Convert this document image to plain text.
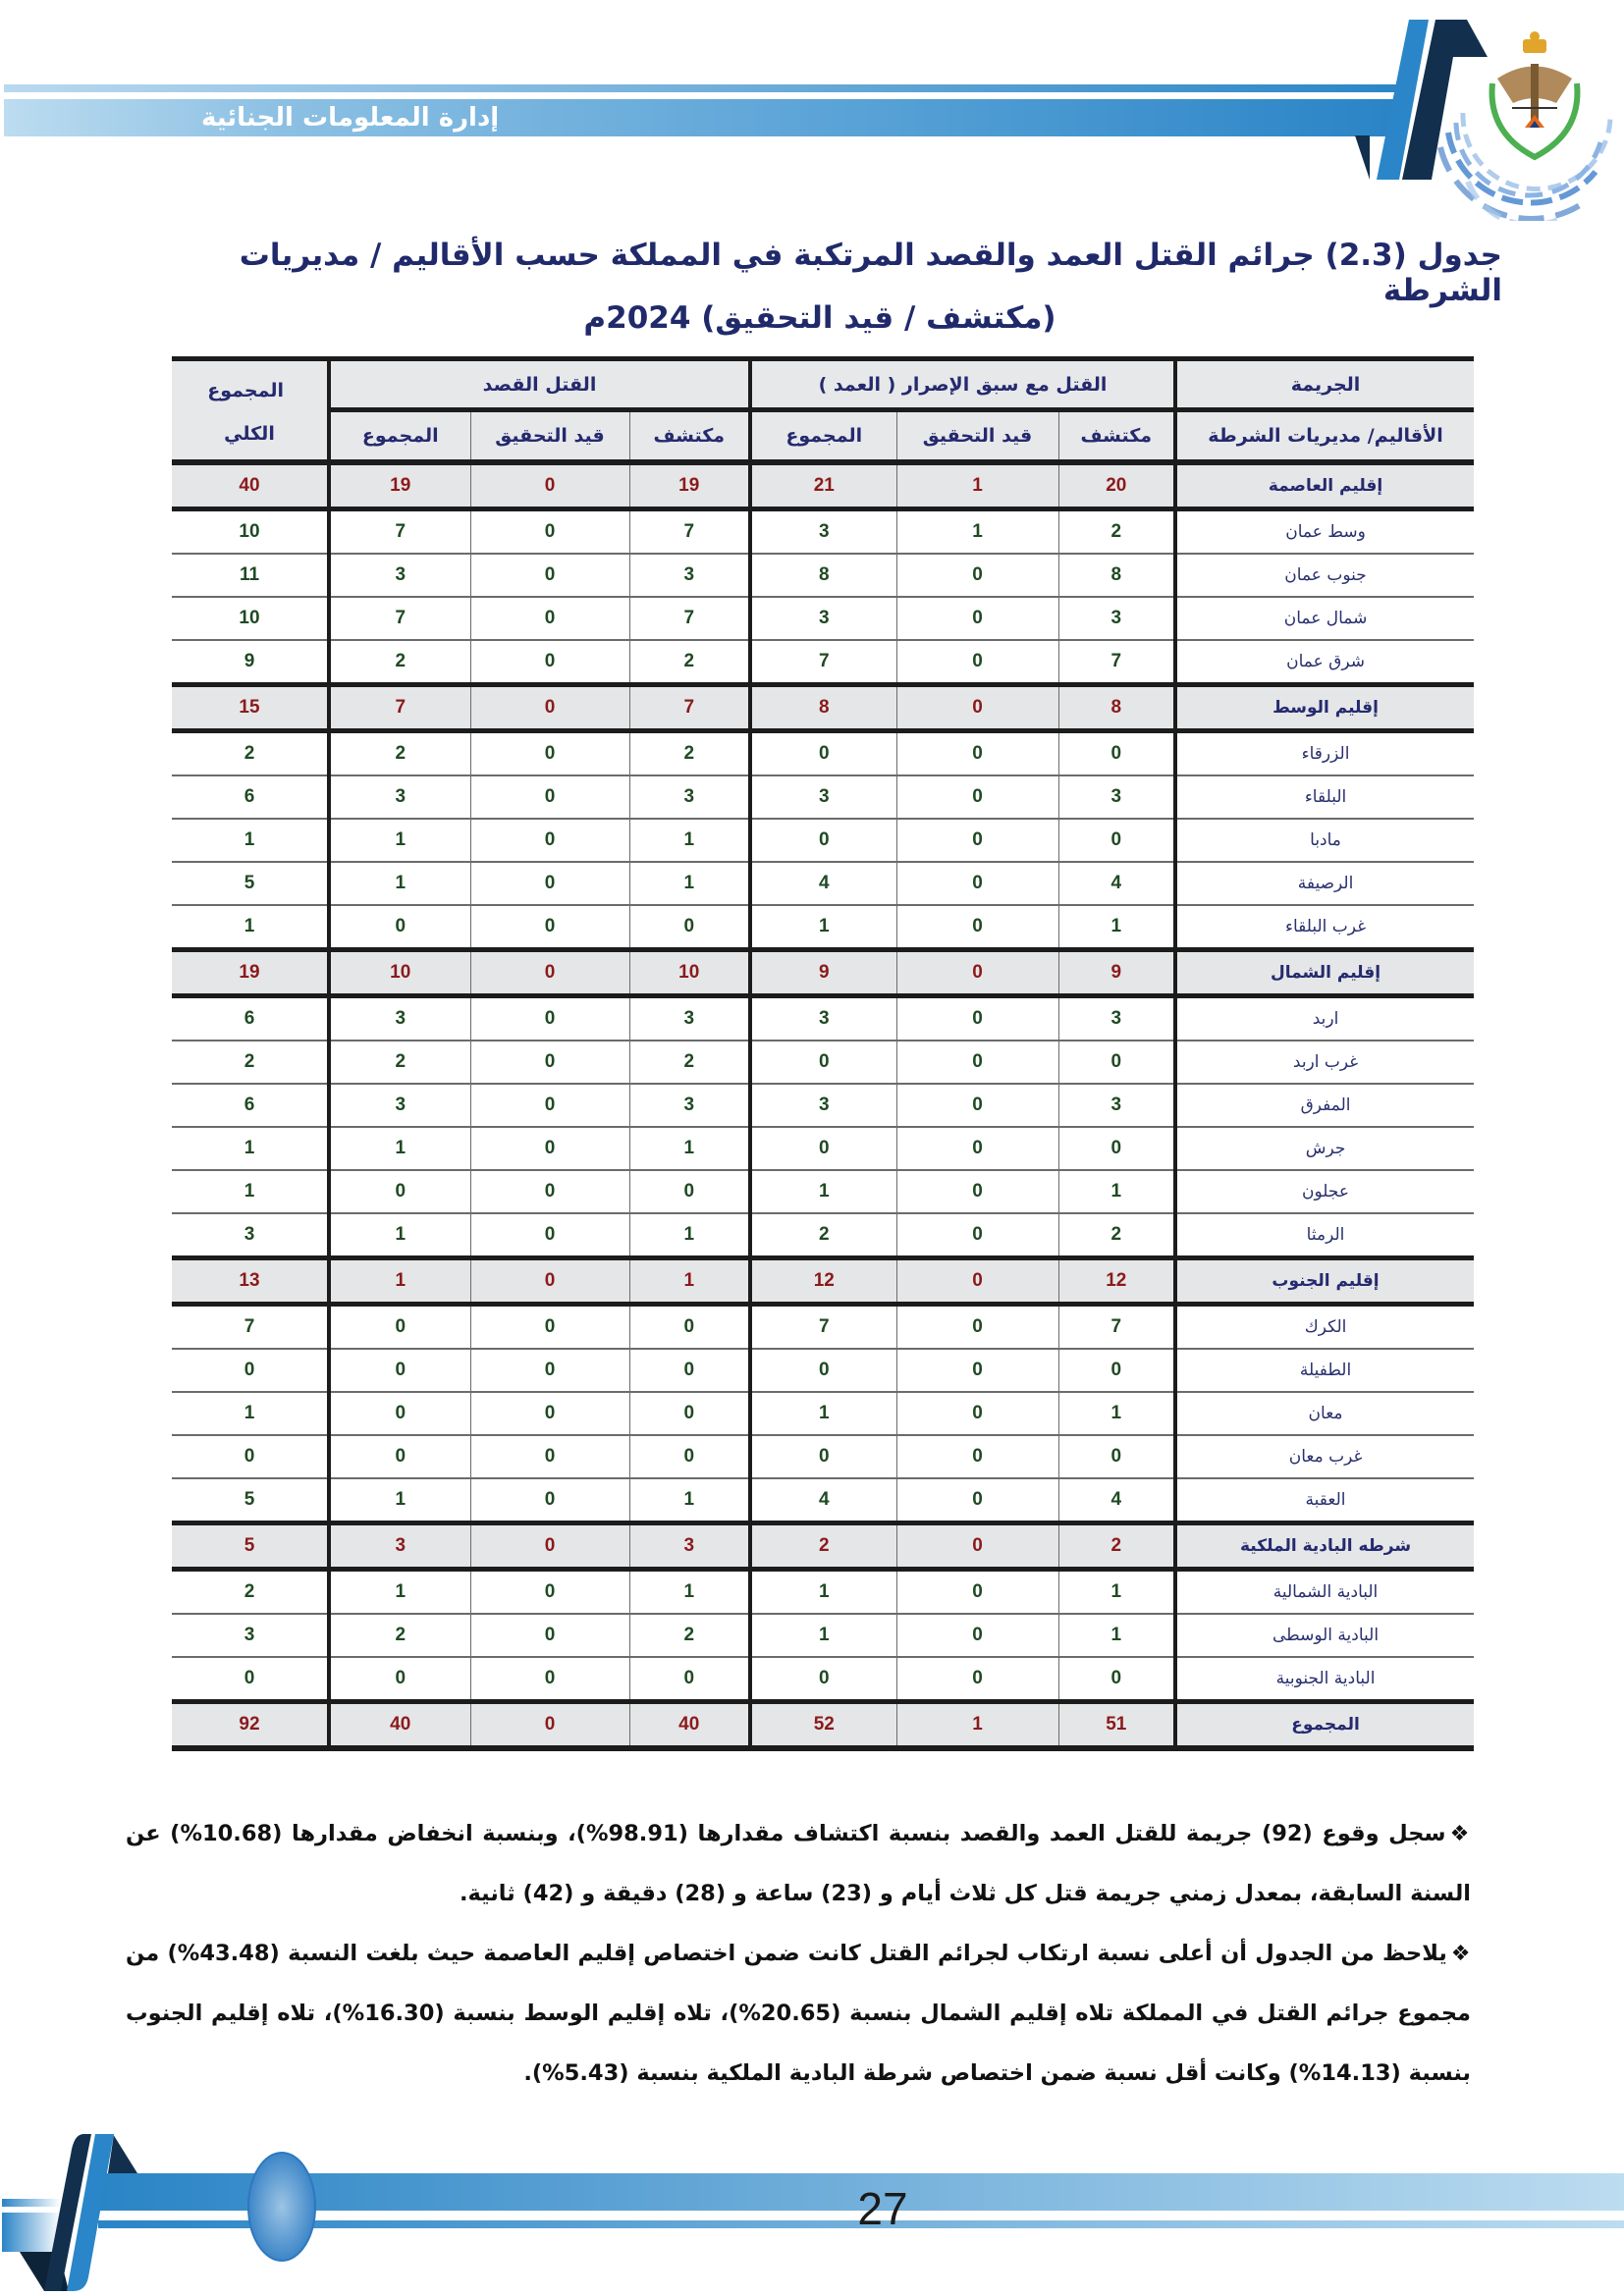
إدارة المعلومات الجنائية
جدول (2.3) جرائم القتل العمد والقصد المرتكبة في المملكة حسب الأقاليم / مديريات الشرطة
(مكتشف / قيد التحقيق) 2024م
الجريمة	القتل مع سبق الإصرار ( العمد )			القتل القصد			المجموع الكلي
الأقاليم/ مديريات الشرطة	مكتشف	قيد التحقيق	المجموع	مكتشف	قيد التحقيق	المجموع	
إقليم العاصمة	20	1	21	19	0	19	40
وسط عمان	2	1	3	7	0	7	10
جنوب عمان	8	0	8	3	0	3	11
شمال عمان	3	0	3	7	0	7	10
شرق عمان	7	0	7	2	0	2	9
إقليم الوسط	8	0	8	7	0	7	15
الزرقاء	0	0	0	2	0	2	2
البلقاء	3	0	3	3	0	3	6
مادبا	0	0	0	1	0	1	1
الرصيفة	4	0	4	1	0	1	5
غرب البلقاء	1	0	1	0	0	0	1
إقليم الشمال	9	0	9	10	0	10	19
اربد	3	0	3	3	0	3	6
غرب اربد	0	0	0	2	0	2	2
المفرق	3	0	3	3	0	3	6
جرش	0	0	0	1	0	1	1
عجلون	1	0	1	0	0	0	1
الرمثا	2	0	2	1	0	1	3
إقليم الجنوب	12	0	12	1	0	1	13
الكرك	7	0	7	0	0	0	7
الطفيلة	0	0	0	0	0	0	0
معان	1	0	1	0	0	0	1
غرب معان	0	0	0	0	0	0	0
العقبة	4	0	4	1	0	1	5
شرطه البادية الملكية	2	0	2	3	0	3	5
البادية الشمالية	1	0	1	1	0	1	2
البادية الوسطى	1	0	1	2	0	2	3
البادية الجنوبية	0	0	0	0	0	0	0
المجموع	51	1	52	40	0	40	92

❖سجل وقوع (92) جريمة للقتل العمد والقصد بنسبة اكتشاف مقدارها (98.91%)، وبنسبة انخفاض مقدارها (10.68%) عن السنة السابقة، بمعدل زمني جريمة قتل كل ثلاث أيام و (23) ساعة و (28) دقيقة و (42) ثانية.

❖يلاحظ من الجدول أن أعلى نسبة ارتكاب لجرائم القتل كانت ضمن اختصاص إقليم العاصمة حيث بلغت النسبة (43.48%) من مجموع جرائم القتل في المملكة تلاه إقليم الشمال بنسبة (20.65%)، تلاه إقليم الوسط بنسبة (16.30%)، تلاه إقليم الجنوب بنسبة (14.13%) وكانت أقل نسبة ضمن اختصاص شرطة البادية الملكية بنسبة (5.43%).

27
